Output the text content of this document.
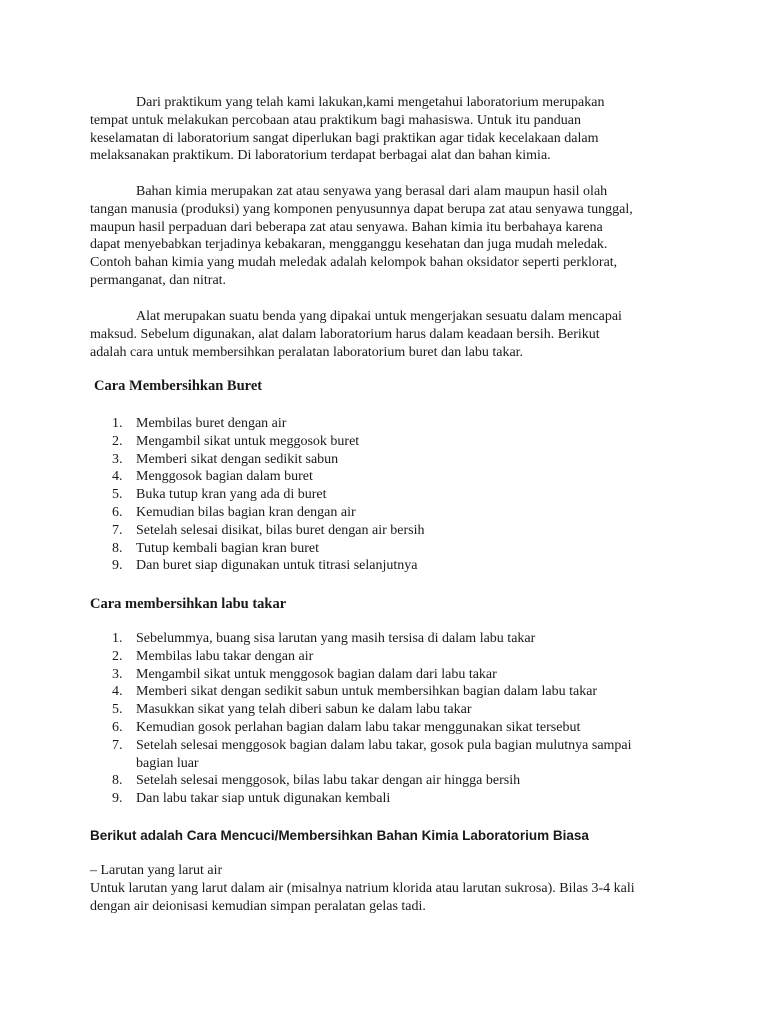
Dari praktikum yang telah kami lakukan,kami mengetahui laboratorium merupakan
tempat untuk melakukan percobaan atau praktikum bagi mahasiswa. Untuk itu panduan
keselamatan di laboratorium sangat diperlukan bagi praktikan agar tidak kecelakaan dalam
melaksanakan praktikum. Di laboratorium terdapat berbagai alat dan bahan kimia.
Bahan kimia merupakan zat atau senyawa yang berasal dari alam maupun hasil olah
tangan manusia (produksi) yang komponen penyusunnya dapat berupa zat atau senyawa tunggal,
maupun hasil perpaduan dari beberapa zat atau senyawa. Bahan kimia itu berbahaya karena
dapat menyebabkan terjadinya kebakaran, mengganggu kesehatan dan juga mudah meledak.
Contoh bahan kimia yang mudah meledak adalah kelompok bahan oksidator seperti perklorat,
permanganat, dan nitrat.
Alat merupakan suatu benda yang dipakai untuk mengerjakan sesuatu dalam mencapai
maksud. Sebelum digunakan, alat dalam laboratorium harus dalam keadaan bersih. Berikut
adalah cara untuk membersihkan peralatan laboratorium buret dan labu takar.
Cara Membersihkan Buret
1. Membilas buret dengan air
2. Mengambil sikat untuk meggosok buret
3. Memberi sikat dengan sedikit sabun
4. Menggosok bagian dalam buret
5. Buka tutup kran yang ada di buret
6. Kemudian bilas bagian kran dengan air
7. Setelah selesai disikat, bilas buret dengan air bersih
8. Tutup kembali bagian kran buret
9. Dan buret siap digunakan untuk titrasi selanjutnya
Cara membersihkan labu takar
1. Sebelummya, buang sisa larutan yang masih tersisa di dalam labu takar
2. Membilas labu takar dengan air
3. Mengambil sikat untuk menggosok bagian dalam dari labu takar
4. Memberi sikat dengan sedikit sabun untuk membersihkan bagian dalam labu takar
5. Masukkan sikat yang telah diberi sabun ke dalam labu takar
6. Kemudian gosok perlahan bagian dalam labu takar menggunakan sikat tersebut
7. Setelah selesai menggosok bagian dalam labu takar, gosok pula bagian mulutnya sampai
bagian luar
8. Setelah selesai menggosok, bilas labu takar dengan air hingga bersih
9. Dan labu takar siap untuk digunakan kembali
Berikut adalah Cara Mencuci/Membersihkan Bahan Kimia Laboratorium Biasa
– Larutan yang larut air
Untuk larutan yang larut dalam air (misalnya natrium klorida atau larutan sukrosa). Bilas 3-4 kali
dengan air deionisasi kemudian simpan peralatan gelas tadi.
